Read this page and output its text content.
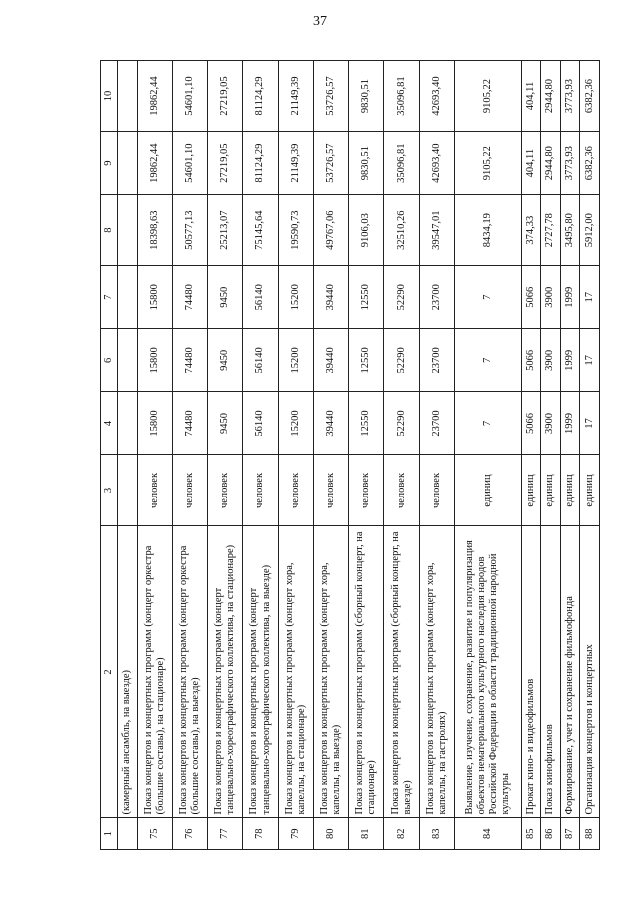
37
1	2	3	4	6	7	8	9	10
	(камерный ансамбль, на выезде)							
75	Показ концертов и концертных программ (концерт оркестра (большие составы), на стационаре)	человек	15800	15800	15800	18398,63	19862,44	19862,44
76	Показ концертов и концертных программ (концерт оркестра (большие составы), на выезде)	человек	74480	74480	74480	50577,13	54601,10	54601,10
77	Показ концертов и концертных программ (концерт танцевально-хореографического коллектива, на стационаре)	человек	9450	9450	9450	25213,07	27219,05	27219,05
78	Показ концертов и концертных программ (концерт танцевально-хореографического коллектива, на выезде)	человек	56140	56140	56140	75145,64	81124,29	81124,29
79	Показ концертов и концертных программ (концерт хора, капеллы, на стационаре)	человек	15200	15200	15200	19590,73	21149,39	21149,39
80	Показ концертов и концертных программ (концерт хора, капеллы, на выезде)	человек	39440	39440	39440	49767,06	53726,57	53726,57
81	Показ концертов и концертных программ (сборный концерт, на стационаре)	человек	12550	12550	12550	9106,03	9830,51	9830,51
82	Показ концертов и концертных программ (сборный концерт, на выезде)	человек	52290	52290	52290	32510,26	35096,81	35096,81
83	Показ концертов и концертных программ (концерт хора, капеллы, на гастролях)	человек	23700	23700	23700	39547,01	42693,40	42693,40
84	Выявление, изучение, сохранение, развитие и популяризация объектов нематериального культурного наследия народов Российской Федерации в области традиционной народной культуры	единиц	7	7	7	8434,19	9105,22	9105,22
85	Прокат кино- и видеофильмов	единиц	5066	5066	5066	374,33	404,11	404,11
86	Показ кинофильмов	единиц	3900	3900	3900	2727,78	2944,80	2944,80
87	Формирование, учет и сохранение фильмофонда	единиц	1999	1999	1999	3495,80	3773,93	3773,93
88	Организация концертов и концертных	единиц	17	17	17	5912,00	6382,36	6382,36
